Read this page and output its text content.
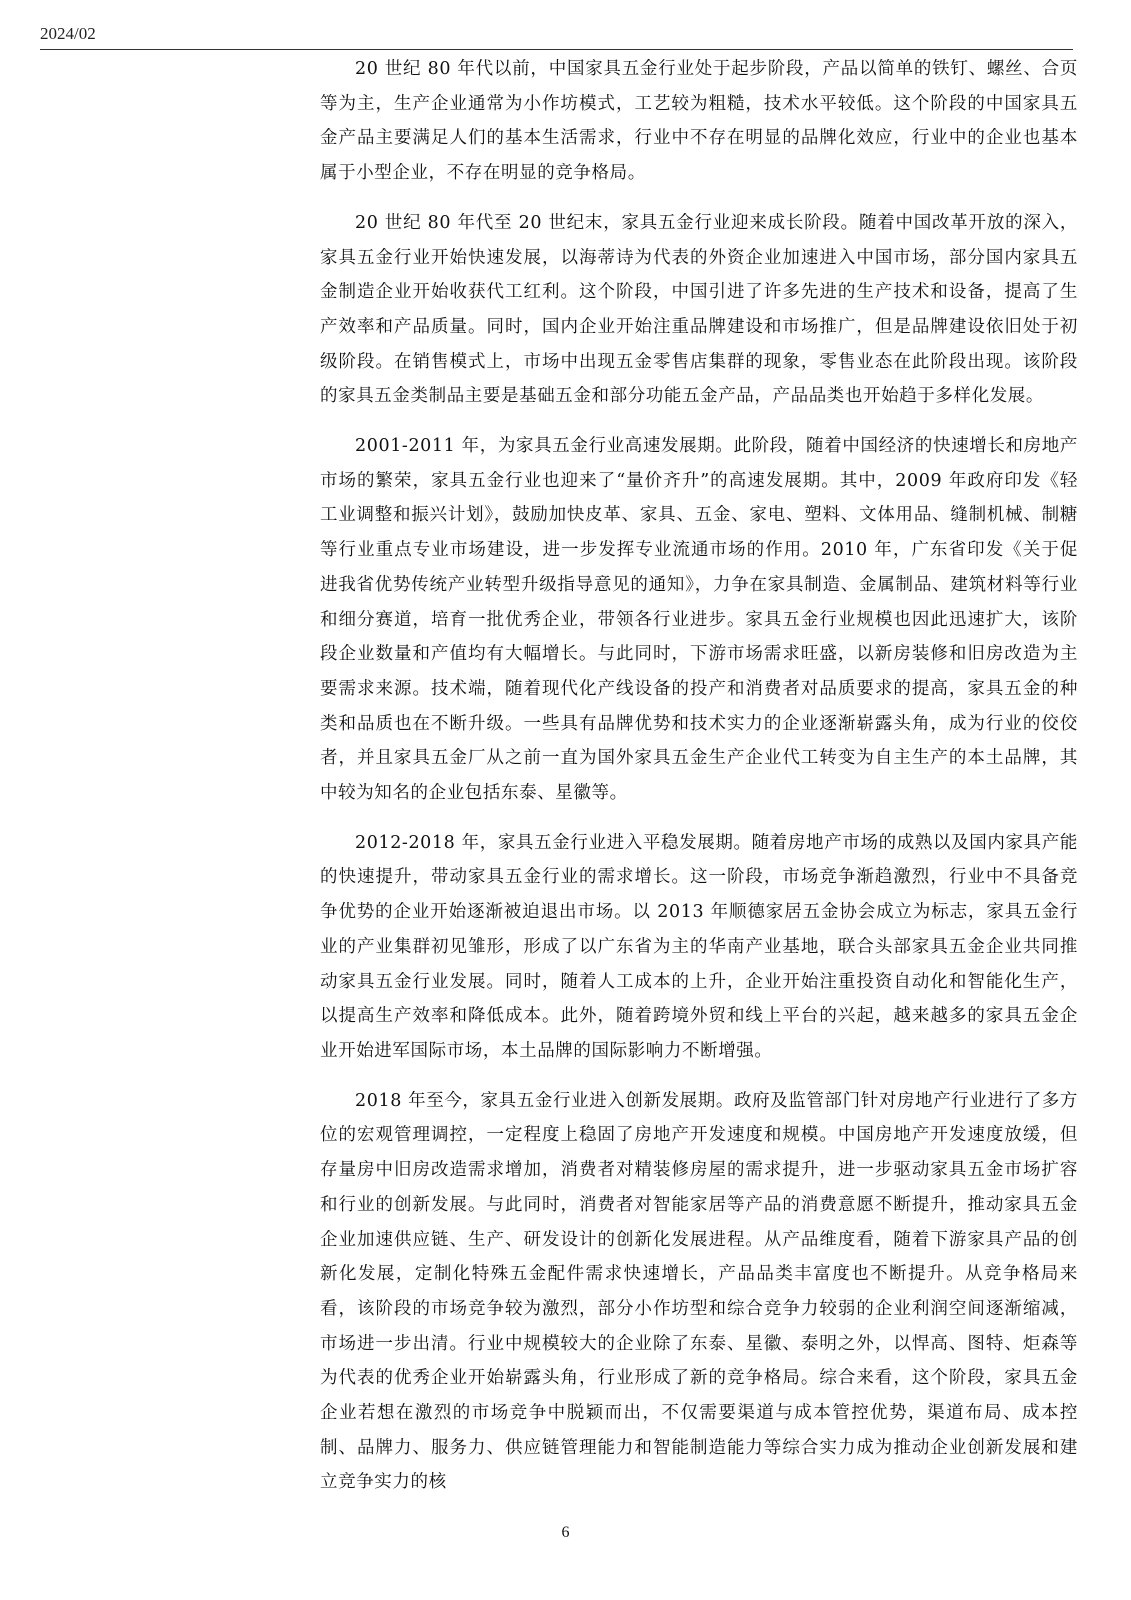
2024/02

20 世纪 80 年代以前，中国家具五金行业处于起步阶段，产品以简单的铁钉、螺丝、合页等为主，生产企业通常为小作坊模式，工艺较为粗糙，技术水平较低。这个阶段的中国家具五金产品主要满足人们的基本生活需求，行业中不存在明显的品牌化效应，行业中的企业也基本属于小型企业，不存在明显的竞争格局。

20 世纪 80 年代至 20 世纪末，家具五金行业迎来成长阶段。随着中国改革开放的深入，家具五金行业开始快速发展，以海蒂诗为代表的外资企业加速进入中国市场，部分国内家具五金制造企业开始收获代工红利。这个阶段，中国引进了许多先进的生产技术和设备，提高了生产效率和产品质量。同时，国内企业开始注重品牌建设和市场推广，但是品牌建设依旧处于初级阶段。在销售模式上，市场中出现五金零售店集群的现象，零售业态在此阶段出现。该阶段的家具五金类制品主要是基础五金和部分功能五金产品，产品品类也开始趋于多样化发展。

2001-2011 年，为家具五金行业高速发展期。此阶段，随着中国经济的快速增长和房地产市场的繁荣，家具五金行业也迎来了“量价齐升”的高速发展期。其中，2009 年政府印发《轻工业调整和振兴计划》，鼓励加快皮革、家具、五金、家电、塑料、文体用品、缝制机械、制糖等行业重点专业市场建设，进一步发挥专业流通市场的作用。2010 年，广东省印发《关于促进我省优势传统产业转型升级指导意见的通知》，力争在家具制造、金属制品、建筑材料等行业和细分赛道，培育一批优秀企业，带领各行业进步。家具五金行业规模也因此迅速扩大，该阶段企业数量和产值均有大幅增长。与此同时，下游市场需求旺盛，以新房装修和旧房改造为主要需求来源。技术端，随着现代化产线设备的投产和消费者对品质要求的提高，家具五金的种类和品质也在不断升级。一些具有品牌优势和技术实力的企业逐渐崭露头角，成为行业的佼佼者，并且家具五金厂从之前一直为国外家具五金生产企业代工转变为自主生产的本土品牌，其中较为知名的企业包括东泰、星徽等。

2012-2018 年，家具五金行业进入平稳发展期。随着房地产市场的成熟以及国内家具产能的快速提升，带动家具五金行业的需求增长。这一阶段，市场竞争渐趋激烈，行业中不具备竞争优势的企业开始逐渐被迫退出市场。以 2013 年顺德家居五金协会成立为标志，家具五金行业的产业集群初见雏形，形成了以广东省为主的华南产业基地，联合头部家具五金企业共同推动家具五金行业发展。同时，随着人工成本的上升，企业开始注重投资自动化和智能化生产，以提高生产效率和降低成本。此外，随着跨境外贸和线上平台的兴起，越来越多的家具五金企业开始进军国际市场，本土品牌的国际影响力不断增强。

2018 年至今，家具五金行业进入创新发展期。政府及监管部门针对房地产行业进行了多方位的宏观管理调控，一定程度上稳固了房地产开发速度和规模。中国房地产开发速度放缓，但存量房中旧房改造需求增加，消费者对精装修房屋的需求提升，进一步驱动家具五金市场扩容和行业的创新发展。与此同时，消费者对智能家居等产品的消费意愿不断提升，推动家具五金企业加速供应链、生产、研发设计的创新化发展进程。从产品维度看，随着下游家具产品的创新化发展，定制化特殊五金配件需求快速增长，产品品类丰富度也不断提升。从竞争格局来看，该阶段的市场竞争较为激烈，部分小作坊型和综合竞争力较弱的企业利润空间逐渐缩减，市场进一步出清。行业中规模较大的企业除了东泰、星徽、泰明之外，以悍高、图特、炬森等为代表的优秀企业开始崭露头角，行业形成了新的竞争格局。综合来看，这个阶段，家具五金企业若想在激烈的市场竞争中脱颖而出，不仅需要渠道与成本管控优势，渠道布局、成本控制、品牌力、服务力、供应链管理能力和智能制造能力等综合实力成为推动企业创新发展和建立竞争实力的核

6
